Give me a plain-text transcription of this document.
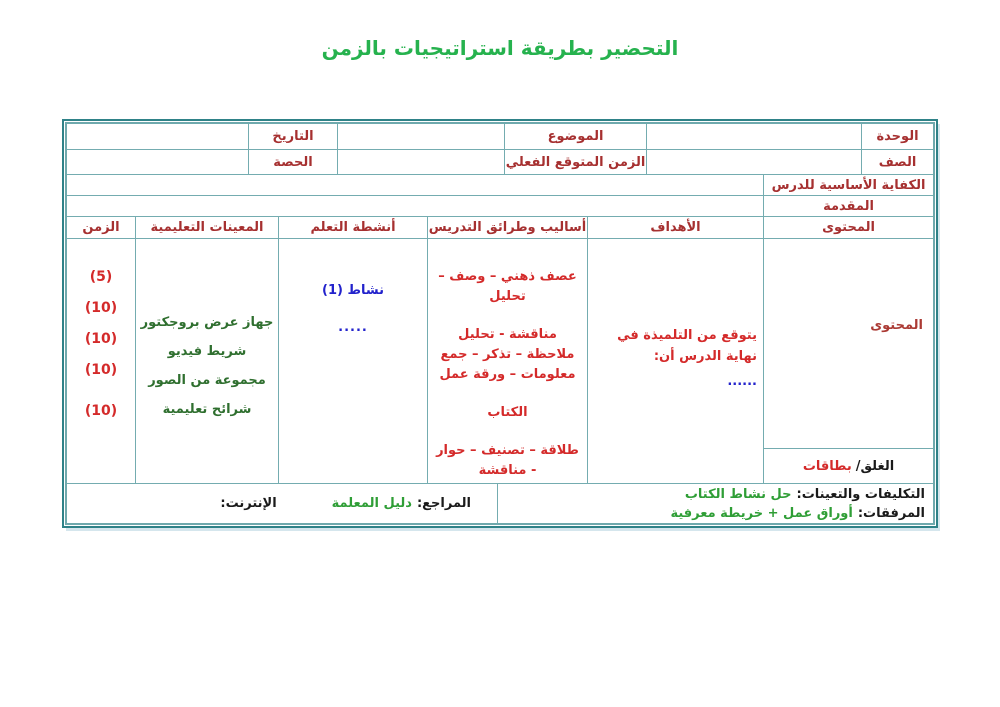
التحضير بطريقة استراتيجيات بالزمن
الوحدة
الموضوع
التاريخ
الصف
الزمن المتوقع الفعلي
الحصة
الكفاية الأساسية للدرس
المقدمة
المحتوى
الأهداف
أساليب وطرائق التدريس
أنشطة التعلم
المعينات التعليمية
الزمن
المحتوى
الغلق/
بطاقات
يتوقع من التلميذة في نهاية الدرس أن:
......
عصف ذهني – وصف – تحليل
مناقشة - تحليل
ملاحظة – تذكر – جمع معلومات – ورقة عمل
الكتاب
طلاقة – تصنيف – حوار - مناقشة
نشاط (1)
.....
جهاز عرض بروجكتور
شريط فيديو
مجموعة من الصور
شرائح تعليمية
(5)
(10)
(10)
(10)
(10)
التكليفات والتعينات:
حل نشاط الكتاب
المرفقات:
أوراق عمل + خريطة معرفية
المراجع:
دليل المعلمة
الإنترنت:
